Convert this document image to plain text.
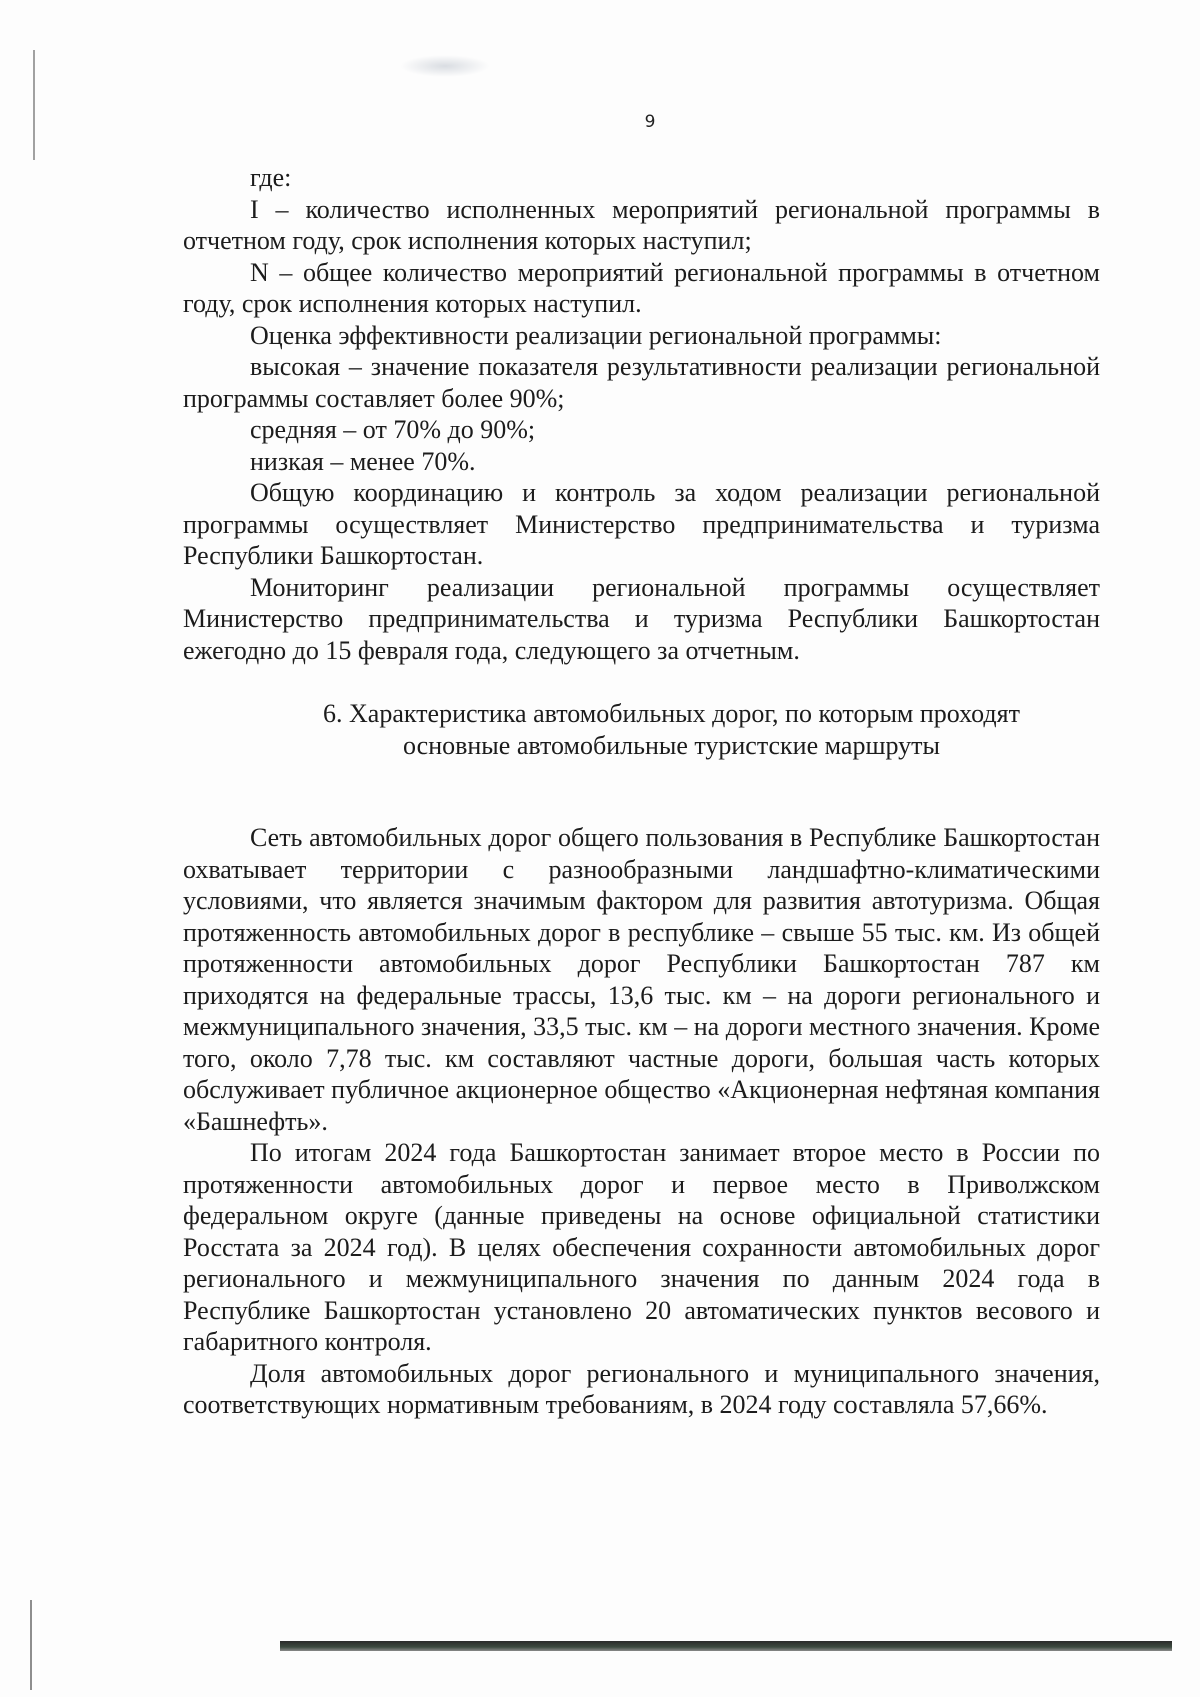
9

где:

I – количество исполненных мероприятий региональной программы в отчетном году, срок исполнения которых наступил;

N – общее количество мероприятий региональной программы в отчетном году, срок исполнения которых наступил.

Оценка эффективности реализации региональной программы:

высокая – значение показателя результативности реализации региональной программы составляет более 90%;

средняя – от 70% до 90%;

низкая – менее 70%.

Общую координацию и контроль за ходом реализации региональной программы осуществляет Министерство предпринимательства и туризма Республики Башкортостан.

Мониторинг реализации региональной программы осуществляет Министерство предпринимательства и туризма Республики Башкортостан ежегодно до 15 февраля года, следующего за отчетным.

6. Характеристика автомобильных дорог, по которым проходят

основные автомобильные туристские маршруты

Сеть автомобильных дорог общего пользования в Республике Башкортостан охватывает территории с разнообразными ландшафтно-климатическими условиями, что является значимым фактором для развития автотуризма. Общая протяженность автомобильных дорог в республике – свыше 55 тыс. км. Из общей протяженности автомобильных дорог Республики Башкортостан 787 км приходятся на федеральные трассы, 13,6 тыс. км – на дороги регионального и межмуниципального значения, 33,5 тыс. км – на дороги местного значения. Кроме того, около 7,78 тыс. км составляют частные дороги, большая часть которых обслуживает публичное акционерное общество «Акционерная нефтяная компания «Башнефть».

По итогам 2024 года Башкортостан занимает второе место в России по протяженности автомобильных дорог и первое место в Приволжском федеральном округе (данные приведены на основе официальной статистики Росстата за 2024 год). В целях обеспечения сохранности автомобильных дорог регионального и межмуниципального значения по данным 2024 года в Республике Башкортостан установлено 20 автоматических пунктов весового и габаритного контроля.

Доля автомобильных дорог регионального и муниципального значения, соответствующих нормативным требованиям, в 2024 году составляла 57,66%.
